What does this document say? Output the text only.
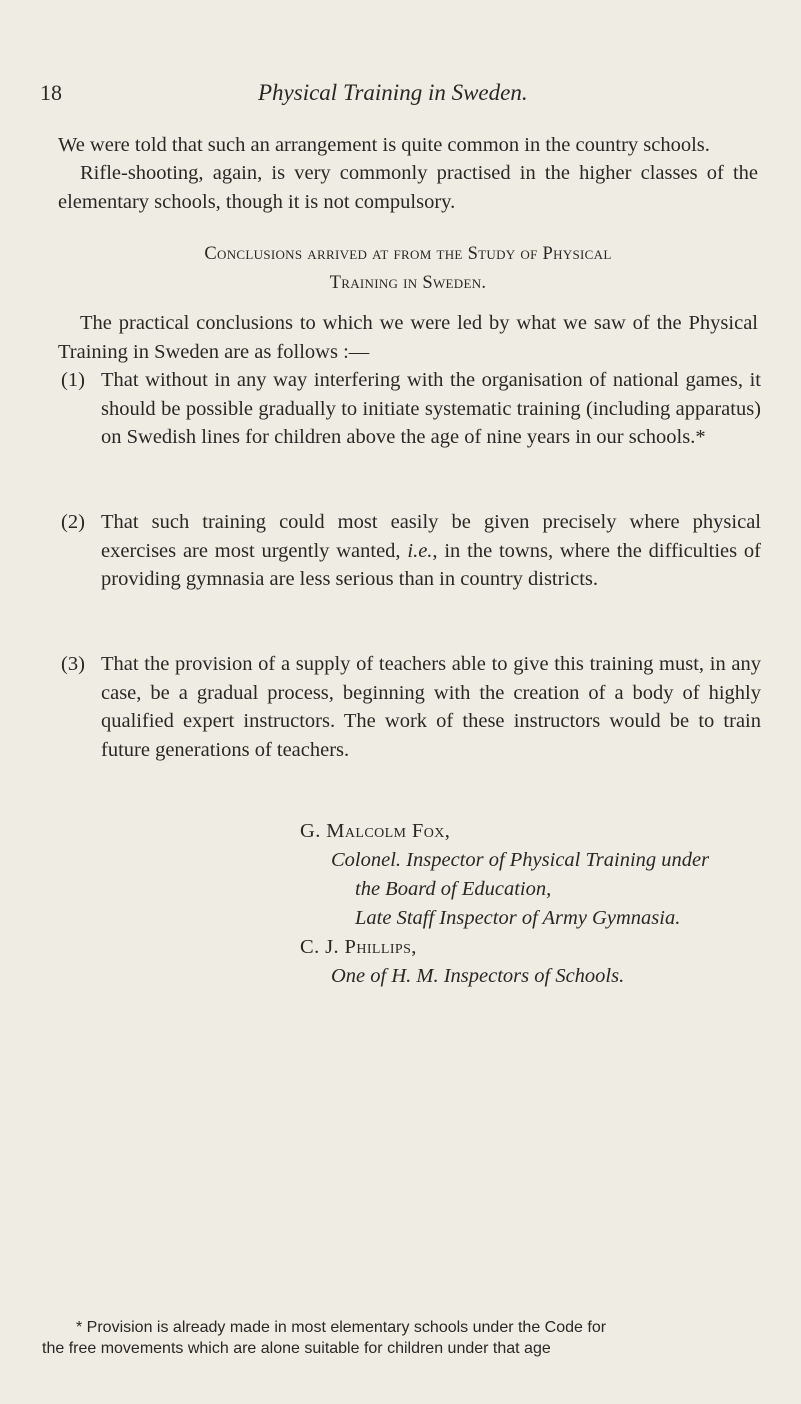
18	Physical Training in Sweden.

We were told that such an arrangement is quite common in the country schools.

Rifle-shooting, again, is very commonly practised in the higher classes of the elementary schools, though it is not compulsory.

Conclusions arrived at from the Study of Physical
Training in Sweden.

The practical conclusions to which we were led by what we saw of the Physical Training in Sweden are as follows :—

(1) That without in any way interfering with the organisation of national games, it should be possible gradually to initiate systematic training (including apparatus) on Swedish lines for children above the age of nine years in our schools.*
(2) That such training could most easily be given precisely where physical exercises are most urgently wanted, i.e., in the towns, where the difficulties of providing gymnasia are less serious than in country districts.
(3) That the provision of a supply of teachers able to give this training must, in any case, be a gradual process, beginning with the creation of a body of highly qualified expert instructors. The work of these instructors would be to train future generations of teachers.
G. Malcolm Fox,
Colonel. Inspector of Physical Training under
the Board of Education,
Late Staff Inspector of Army Gymnasia.
C. J. Phillips,
One of H. M. Inspectors of Schools.
* Provision is already made in most elementary schools under the Code for
the free movements which are alone suitable for children under that age
